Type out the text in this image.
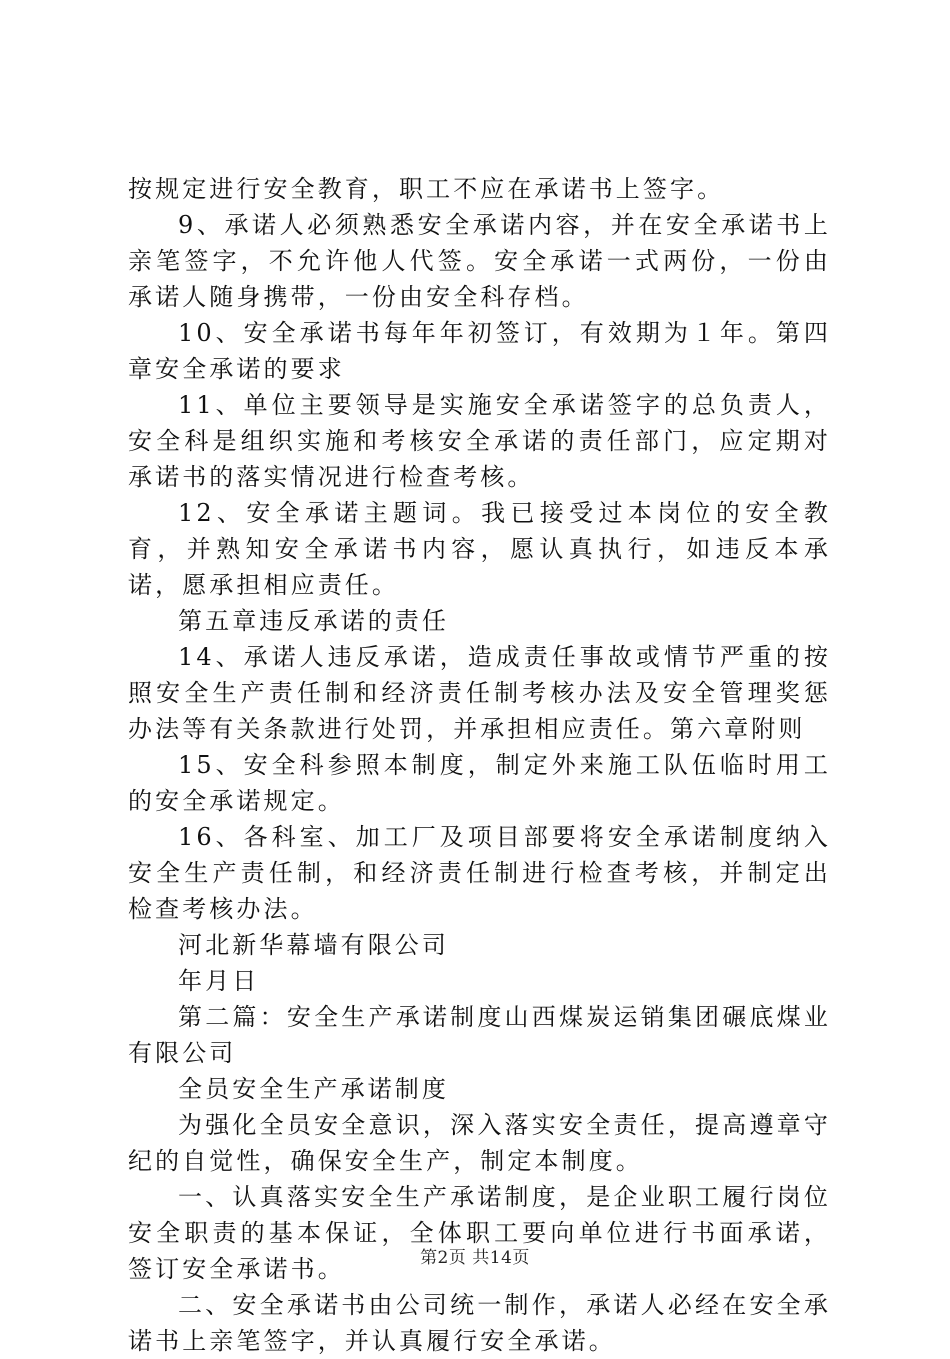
按规定进行安全教育，职工不应在承诺书上签字。

9、承诺人必须熟悉安全承诺内容，并在安全承诺书上亲笔签字，不允许他人代签。安全承诺一式两份，一份由承诺人随身携带，一份由安全科存档。

10、安全承诺书每年年初签订，有效期为１年。第四章安全承诺的要求

11、单位主要领导是实施安全承诺签字的总负责人，安全科是组织实施和考核安全承诺的责任部门，应定期对承诺书的落实情况进行检查考核。

12、安全承诺主题词。我已接受过本岗位的安全教育，并熟知安全承诺书内容，愿认真执行，如违反本承诺，愿承担相应责任。

第五章违反承诺的责任

14、承诺人违反承诺，造成责任事故或情节严重的按照安全生产责任制和经济责任制考核办法及安全管理奖惩办法等有关条款进行处罚，并承担相应责任。第六章附则

15、安全科参照本制度，制定外来施工队伍临时用工的安全承诺规定。

16、各科室、加工厂及项目部要将安全承诺制度纳入安全生产责任制，和经济责任制进行检查考核，并制定出检查考核办法。

河北新华幕墙有限公司

年月日

第二篇：安全生产承诺制度山西煤炭运销集团碾底煤业有限公司

全员安全生产承诺制度

为强化全员安全意识，深入落实安全责任，提高遵章守纪的自觉性，确保安全生产，制定本制度。

一、认真落实安全生产承诺制度，是企业职工履行岗位安全职责的基本保证，全体职工要向单位进行书面承诺，签订安全承诺书。

二、安全承诺书由公司统一制作，承诺人必经在安全承诺书上亲笔签字，并认真履行安全承诺。

第2页 共14页
